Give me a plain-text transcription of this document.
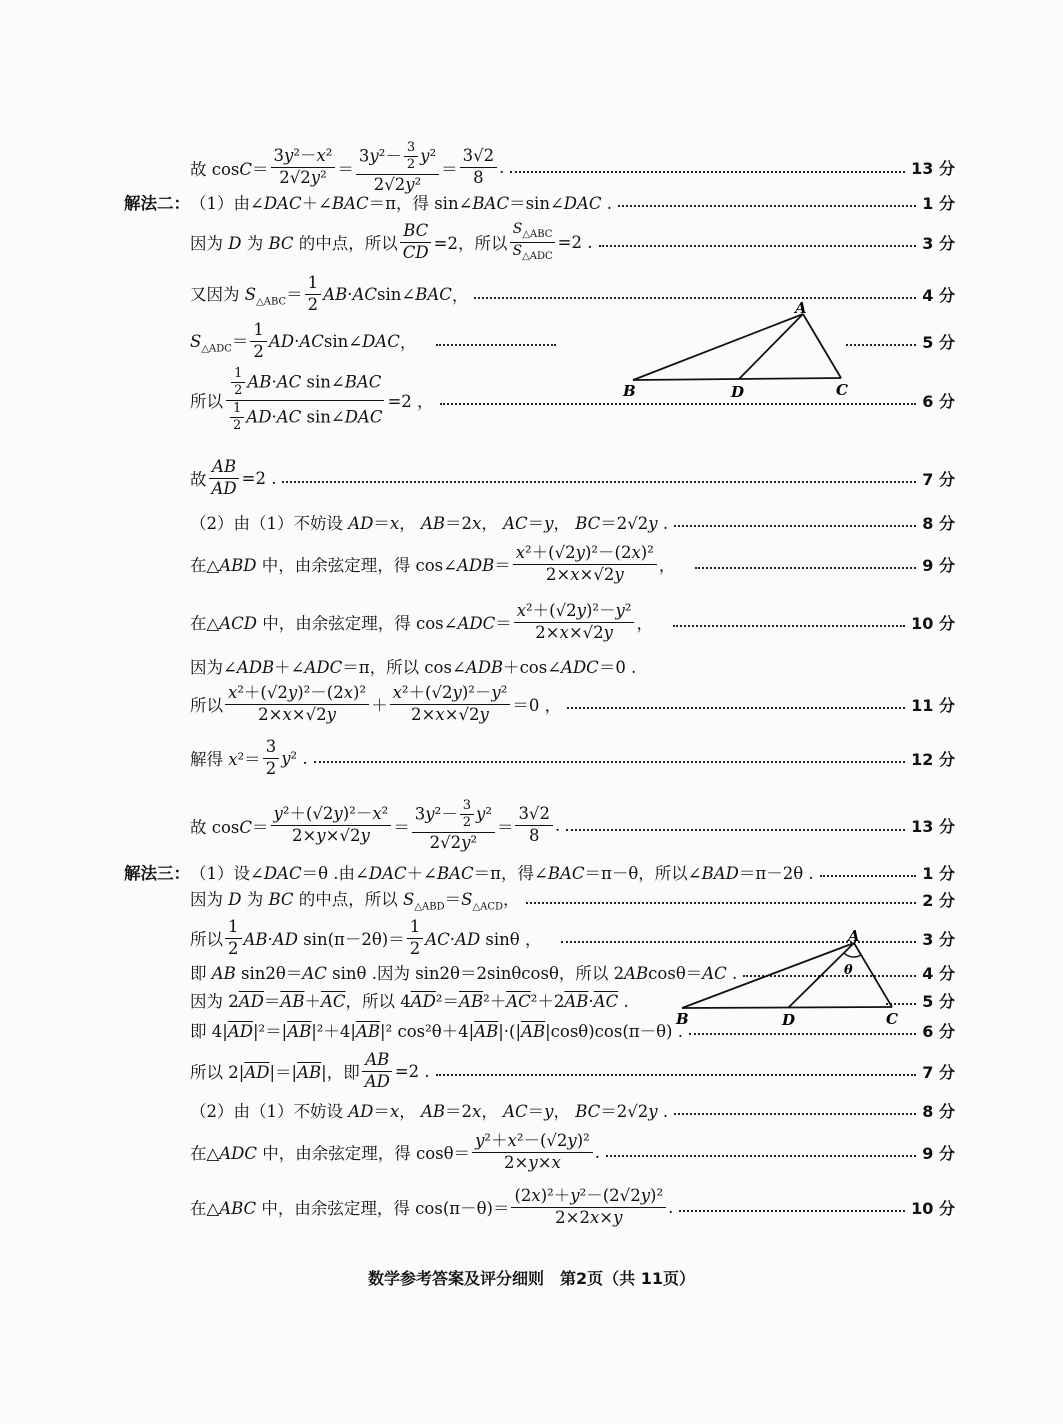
故 $\cos C= \frac{\text{3y²－x²}}{\text{2√2y²}} = \frac{3y^2- \frac{3}{2} y^2}{\text{2√2y²}} = \frac{3√2}{8}$ .	13 分
解法二： （1）由∠DAC＋∠BAC＝π，得 sin∠BAC＝sin∠DAC .	1 分
因为 D 为 BC 的中点，所以 $\frac{BC}{CD} =2$，所以 $\frac{S_{\triangle ABC}}{S_{\triangle ADC}} =2$ .	3 分
又因为 $S_{\triangle ABC}= \frac{1}{2}$ AB · AC sin∠ BAC ，	4 分
$S_{\triangle ADC}= \frac{1}{2}$ AD · AC sin∠ DAC ，	5 分
A
B	D	C
所以 $\frac{\frac{1}{2} AB\cdot AC \sin\angle BAC}{\frac{1}{2} AD\cdot AC \sin\angle DAC} =2$ ，	6 分
故 $\frac{AB}{AD} =2$ .	7 分
（2）由（1）不妨设 AD＝x， AB＝2x， AC＝y， BC＝2√2y .	8 分
在△ABD 中，由余弦定理，得 cos∠ADB＝ $\frac{\text{x²＋(√2y)²－(2x)²}}{2\times x\times√2y}$ ，	9 分
在△ACD 中，由余弦定理，得 cos∠ADC＝ $\frac{\text{x²＋(√2y)²－y²}}{2\times x\times√2y}$ ，	10 分
因为∠ADB＋∠ADC＝π，所以 cos∠ADB＋cos∠ADC＝0 .
所以 $\frac{\text{x²＋(√2y)²－(2x)²}}{2\times x\times√2y} + \frac{\text{x²＋(√2y)²－y²}}{2\times x\times√2y} =0$ ，	11 分
解得 $x^2= \frac{3}{2} y^2$ .	12 分
故 $\cos C= \frac{\text{y²＋(√2y)²－x²}}{2\times y\times√2y} = \frac{3y^2- \frac{3}{2} y^2}{\text{2√2y²}} = \frac{3√2}{8}$ .	13 分
解法三： （1）设∠DAC＝θ .由∠DAC＋∠BAC＝π，得∠BAC＝π－θ，所以∠BAD＝π－2θ .	1 分
因为 D 为 BC 的中点，所以 $S_{\triangle ABD}=S_{\triangle ACD}$，	2 分
所以 $\frac{1}{2} AB\cdot AD$ $\sin(\pi-2\theta)= \frac{1}{2} AC\cdot AD$ sinθ ，	3 分
即 AB sin2θ＝AC sinθ .因为 sin2θ＝2sinθcosθ，所以 2ABcosθ＝AC .	4 分
因为 $2\overline{AD}=\overline{AB}+\overline{AC}$，所以 $4\overline{AD}^2=\overline{AB}^2+\overline{AC}^2+2\overline{AB}\cdot\overline{AC}$ .	5 分
A
θ
B	D	C
即 $4|\overline{AD}|^2=|\overline{AB}|^2+4|\overline{AB}|^2$ $\cos^2\theta+4|\overline{AB}|\cdot(|\overline{AB}|\cos\theta)\cos(\pi-\theta)$ .	6 分
所以 $2|\overline{AD}|=|\overline{AB}|$，即 $\frac{AB}{AD} =2$ .	7 分
（2）由（1）不妨设 AD＝x， AB＝2x， AC＝y， BC＝2√2y .	8 分
在△ADC 中，由余弦定理，得 $\cos\theta= \frac{\text{y²＋x²－(√2y)²}}{2\times y\times x}$ .	9 分
在△ABC 中，由余弦定理，得 $\cos(\pi-\theta)= \frac{\text{(2x)²＋y²－(2√2y)²}}{2\times 2x\times y}$ .	10 分
数学参考答案及评分细则　第2页（共 11页）
